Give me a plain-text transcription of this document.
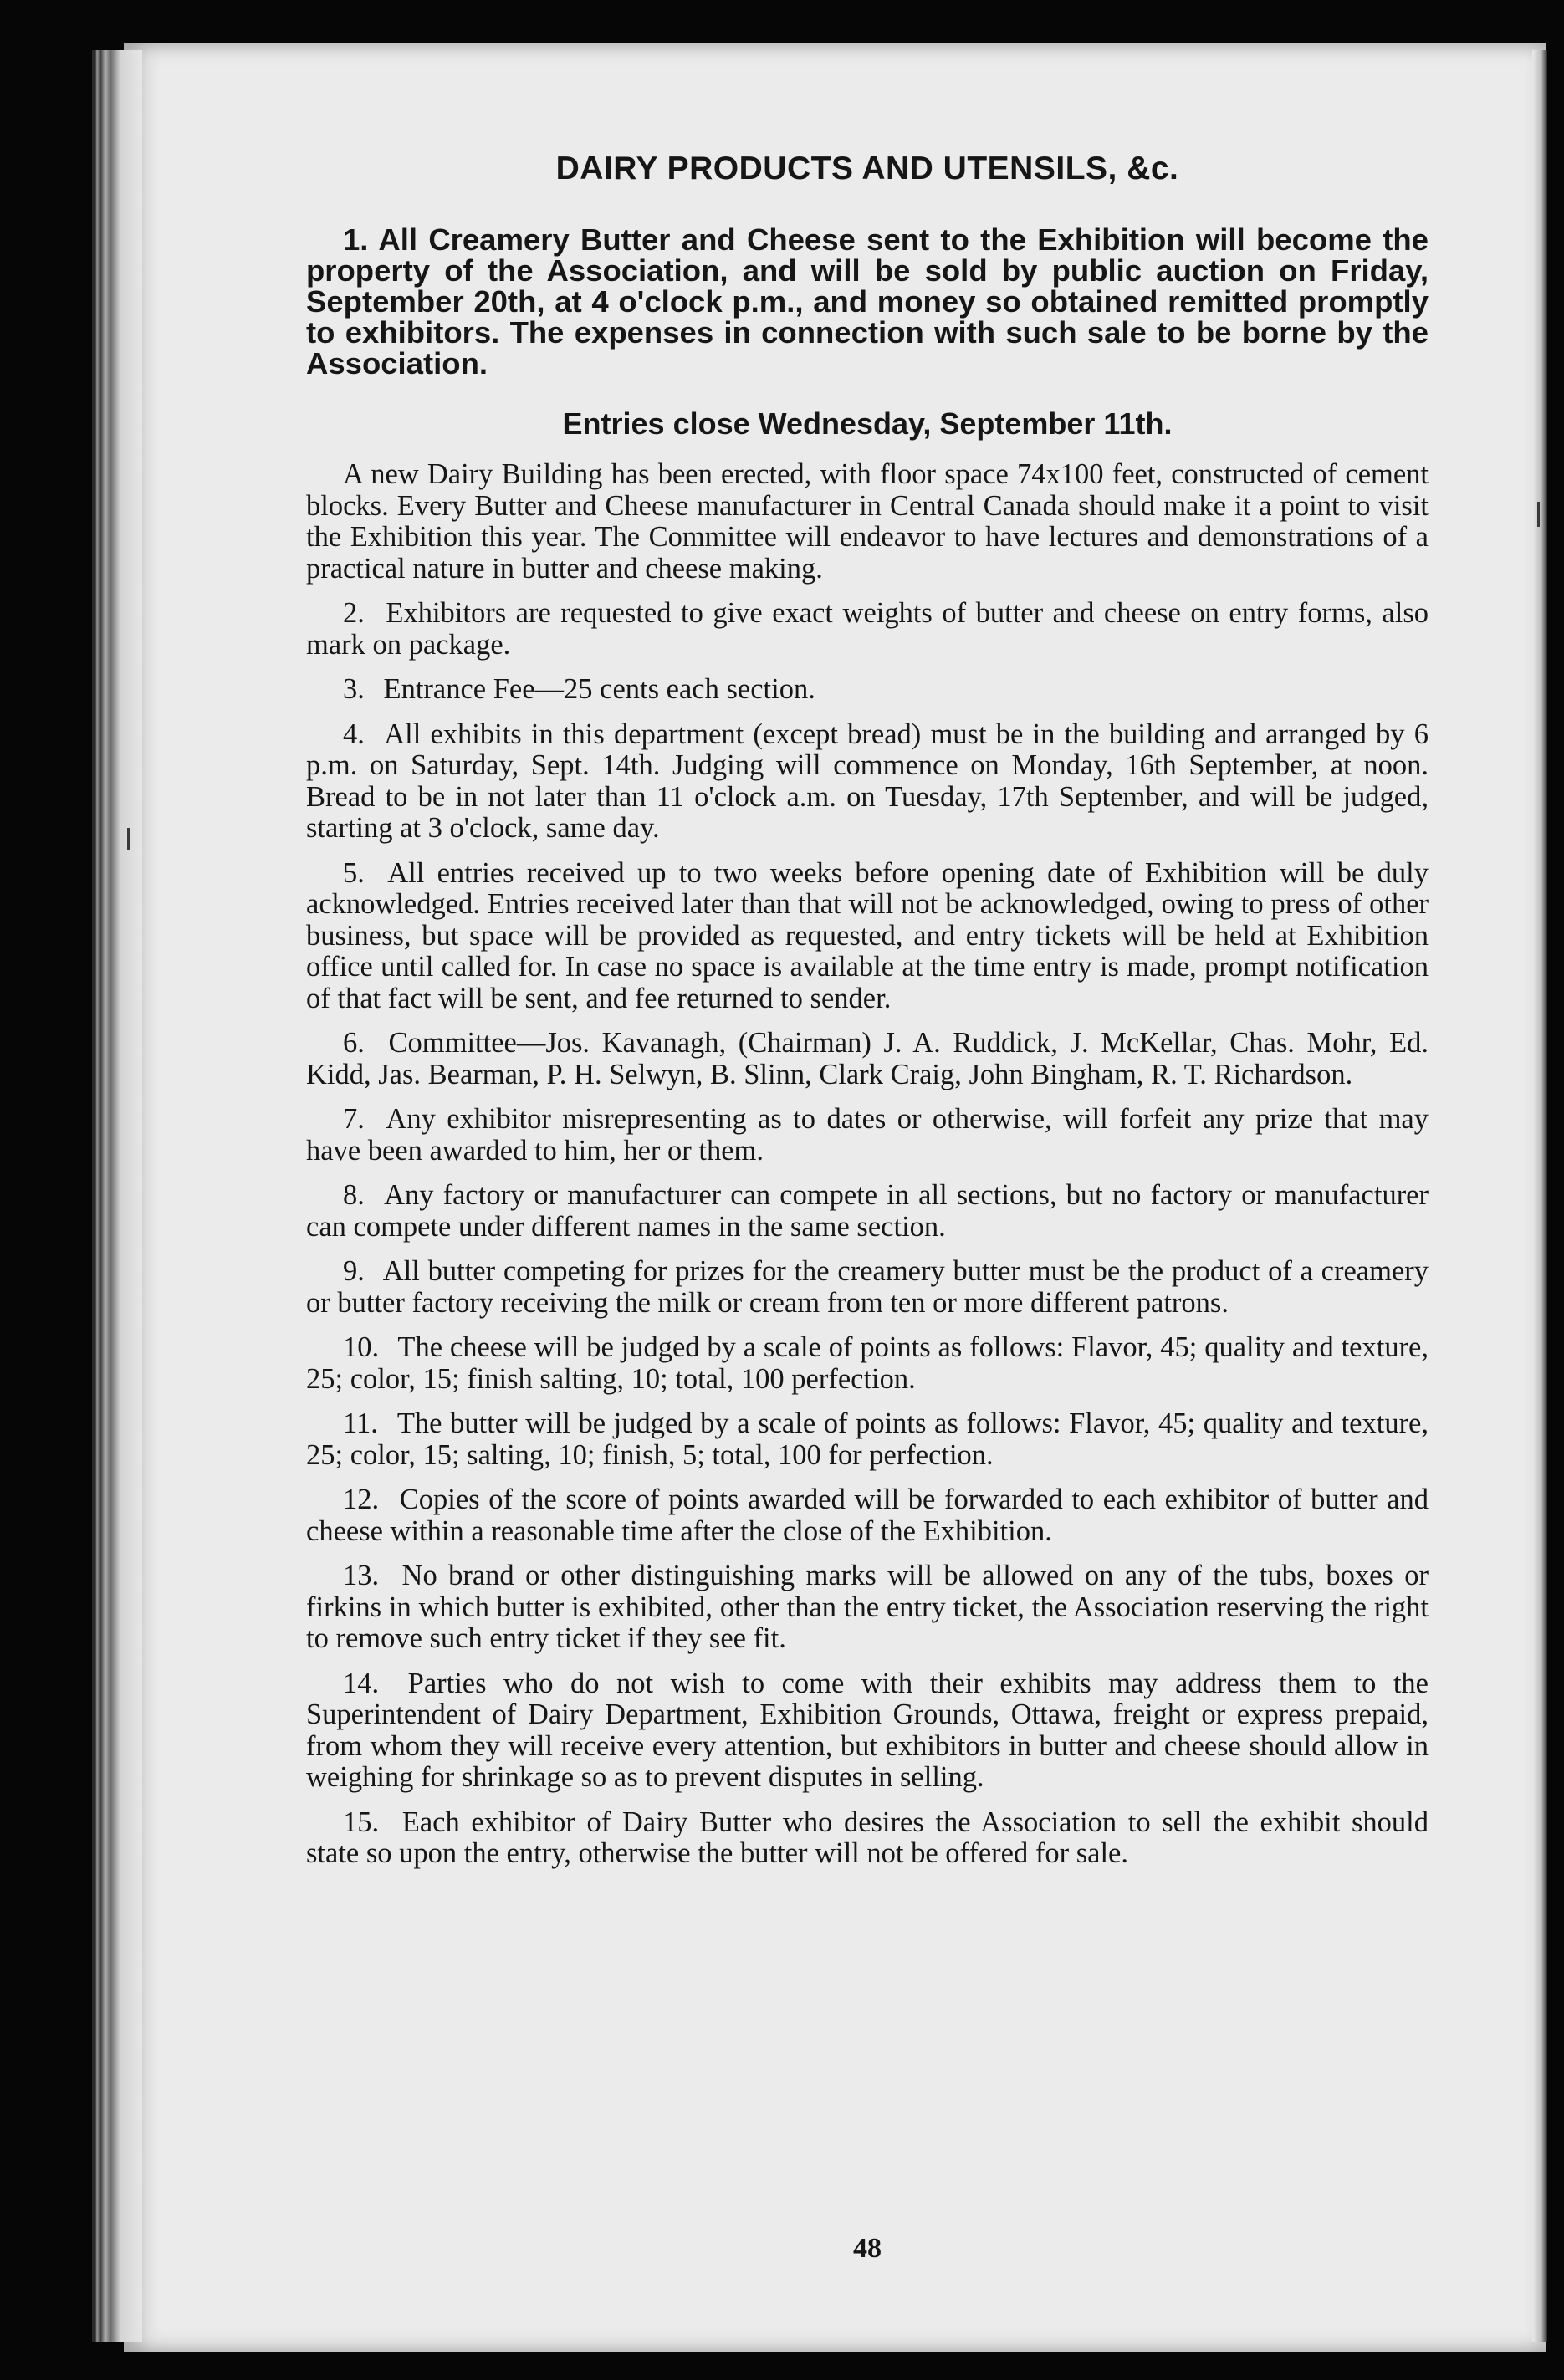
DAIRY PRODUCTS AND UTENSILS, &c.

1. All Creamery Butter and Cheese sent to the Exhibition will become the property of the Association, and will be sold by public auction on Friday, September 20th, at 4 o'clock p.m., and money so obtained remitted promptly to exhibitors. The expenses in connection with such sale to be borne by the Association.

Entries close Wednesday, September 11th.

A new Dairy Building has been erected, with floor space 74x100 feet, constructed of cement blocks. Every Butter and Cheese manufacturer in Central Canada should make it a point to visit the Exhibition this year. The Committee will endeavor to have lectures and demonstrations of a practical nature in butter and cheese making.

2. Exhibitors are requested to give exact weights of butter and cheese on entry forms, also mark on package.

3. Entrance Fee—25 cents each section.

4. All exhibits in this department (except bread) must be in the building and arranged by 6 p.m. on Saturday, Sept. 14th. Judging will commence on Monday, 16th September, at noon. Bread to be in not later than 11 o'clock a.m. on Tuesday, 17th September, and will be judged, starting at 3 o'clock, same day.

5. All entries received up to two weeks before opening date of Exhibition will be duly acknowledged. Entries received later than that will not be acknowledged, owing to press of other business, but space will be provided as requested, and entry tickets will be held at Exhibition office until called for. In case no space is available at the time entry is made, prompt notification of that fact will be sent, and fee returned to sender.

6. Committee—Jos. Kavanagh, (Chairman) J. A. Ruddick, J. McKellar, Chas. Mohr, Ed. Kidd, Jas. Bearman, P. H. Selwyn, B. Slinn, Clark Craig, John Bingham, R. T. Richardson.

7. Any exhibitor misrepresenting as to dates or otherwise, will forfeit any prize that may have been awarded to him, her or them.

8. Any factory or manufacturer can compete in all sections, but no factory or manufacturer can compete under different names in the same section.

9. All butter competing for prizes for the creamery butter must be the product of a creamery or butter factory receiving the milk or cream from ten or more different patrons.

10. The cheese will be judged by a scale of points as follows: Flavor, 45; quality and texture, 25; color, 15; finish salting, 10; total, 100 perfection.

11. The butter will be judged by a scale of points as follows: Flavor, 45; quality and texture, 25; color, 15; salting, 10; finish, 5; total, 100 for perfection.

12. Copies of the score of points awarded will be forwarded to each exhibitor of butter and cheese within a reasonable time after the close of the Exhibition.

13. No brand or other distinguishing marks will be allowed on any of the tubs, boxes or firkins in which butter is exhibited, other than the entry ticket, the Association reserving the right to remove such entry ticket if they see fit.

14. Parties who do not wish to come with their exhibits may address them to the Superintendent of Dairy Department, Exhibition Grounds, Ottawa, freight or express prepaid, from whom they will receive every attention, but exhibitors in butter and cheese should allow in weighing for shrinkage so as to prevent disputes in selling.

15. Each exhibitor of Dairy Butter who desires the Association to sell the exhibit should state so upon the entry, otherwise the butter will not be offered for sale.

48
